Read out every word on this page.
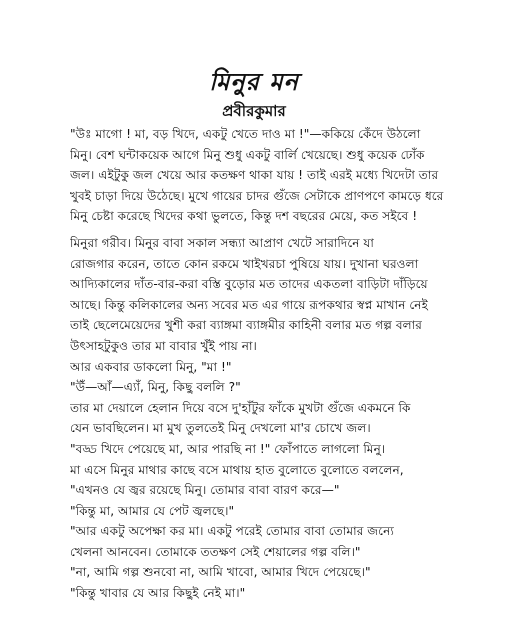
মিনুর মন
প্রবীরকুমার
"উঃ মাগো ! মা, বড় খিদে, একটু খেতে দাও মা !"—ককিয়ে কেঁদে উঠলো
মিনু। বেশ ঘন্টাকয়েক আগে মিনু শুধু একটু বার্লি খেয়েছে। শুধু কয়েক ঢোঁক
জল। এইটুকু জল খেয়ে আর কতক্ষণ থাকা যায় ! তাই এরই মধ্যে খিদেটা তার
খুবই চাড়া দিয়ে উঠেছে। মুখে গায়ের চাদর গুঁজে সেটাকে প্রাণপণে কামড়ে ধরে
মিনু চেষ্টা করেছে খিদের কথা ভুলতে, কিন্তু দশ বছরের মেয়ে, কত সইবে !
মিনুরা গরীব। মিনুর বাবা সকাল সন্ধ্যা আপ্রাণ খেটে সারাদিনে যা
রোজগার করেন, তাতে কোন রকমে খাইখরচা পুষিয়ে যায়। দুখানা ঘরওলা
আদ্যিকালের দাঁত-বার-করা বস্তি বুড়োর মত তাদের একতলা বাড়িটা দাঁড়িয়ে
আছে। কিন্তু কলিকালের অন্য সবের মত এর গায়ে রূপকথার স্বপ্ন মাখান নেই
তাই ছেলেমেয়েদের খুশী করা ব্যাঙ্গমা ব্যাঙ্গমীর কাহিনী বলার মত গল্প বলার
উৎসাহটুকুও তার মা বাবার খুঁই পায় না।
আর একবার ডাকলো মিনু, "মা !"
"উঁ—আঁ—এ্যাঁ, মিনু, কিছু বললি ?"
তার মা দেয়ালে হেলান দিয়ে বসে দু'হাঁটুর ফাঁকে মুখটা গুঁজে একমনে কি
যেন ভাবছিলেন। মা মুখ তুলতেই মিনু দেখলো মা'র চোখে জল।
"বড্ড খিদে পেয়েছে মা, আর পারছি না !" ফোঁপাতে লাগলো মিনু।
মা এসে মিনুর মাথার কাছে বসে মাথায় হাত বুলোতে বুলোতে বললেন,
"এখনও যে জ্বর রয়েছে মিনু। তোমার বাবা বারণ করে—"
"কিন্তু মা, আমার যে পেট জ্বলছে।"
"আর একটু অপেক্ষা কর মা। একটু পরেই তোমার বাবা তোমার জন্যে
খেলনা আনবেন। তোমাকে ততক্ষণ সেই শেয়ালের গল্প বলি।"
"না, আমি গল্প শুনবো না, আমি খাবো, আমার খিদে পেয়েছে।"
"কিন্তু খাবার যে আর কিছুই নেই মা।"
